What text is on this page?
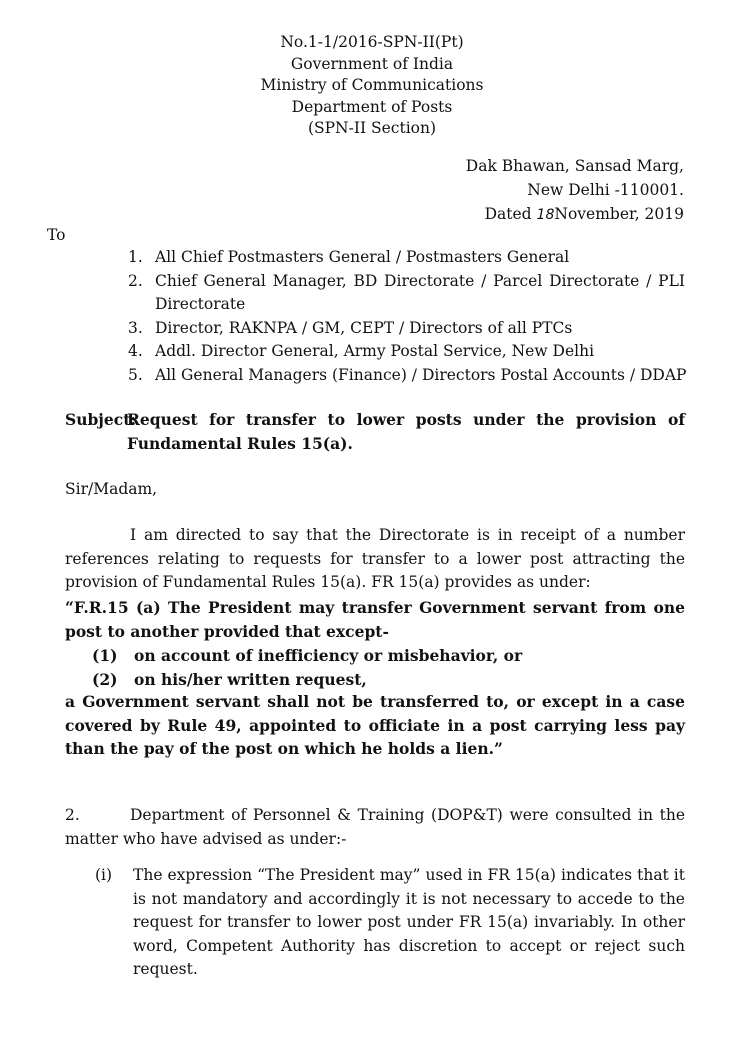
No.1-1/2016-SPN-II(Pt)
Government of India
Ministry of Communications
Department of Posts
(SPN-II Section)
Dak Bhawan, Sansad Marg,
New Delhi -110001.
Dated 18November, 2019
To
1. All Chief Postmasters General / Postmasters General
2. Chief General Manager, BD Directorate / Parcel Directorate / PLI Directorate
3. Director, RAKNPA / GM, CEPT / Directors of all PTCs
4. Addl. Director General, Army Postal Service, New Delhi
5. All General Managers (Finance) / Directors Postal Accounts / DDAP
Subject:
Request for transfer to lower posts under the provision of Fundamental Rules 15(a).
Sir/Madam,
I am directed to say that the Directorate is in receipt of a number references relating to requests for transfer to a lower post attracting the provision of Fundamental Rules 15(a). FR 15(a) provides as under:
“F.R.15 (a) The President may transfer Government servant from one post to another provided that except-
(1)	on account of inefficiency or misbehavior, or
(2)	on his/her written request,
a Government servant shall not be transferred to, or except in a case covered by Rule 49, appointed to officiate in a post carrying less pay than the pay of the post on which he holds a lien.”
2.	Department of Personnel & Training (DOP&T) were consulted in the matter who have advised as under:-
(i)	The expression “The President may” used in FR 15(a) indicates that it is not mandatory and accordingly it is not necessary to accede to the request for transfer to lower post under FR 15(a) invariably. In other word, Competent Authority has discretion to accept or reject such request.
